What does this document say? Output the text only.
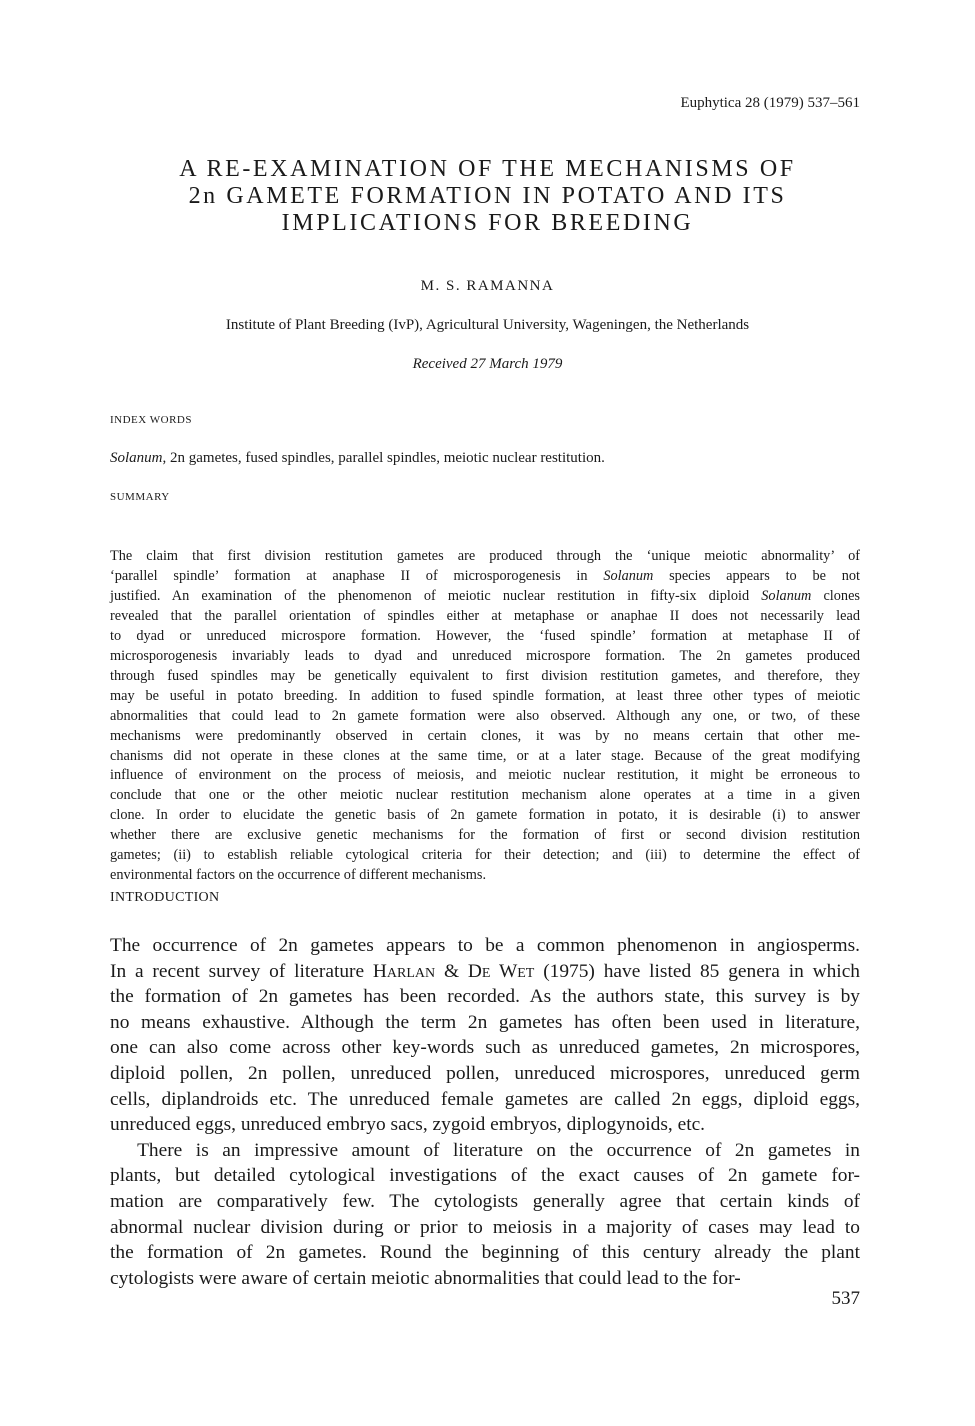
Euphytica 28 (1979) 537–561
A RE-EXAMINATION OF THE MECHANISMS OF
2n GAMETE FORMATION IN POTATO AND ITS
IMPLICATIONS FOR BREEDING
M. S. RAMANNA
Institute of Plant Breeding (IvP), Agricultural University, Wageningen, the Netherlands
Received 27 March 1979
INDEX WORDS
Solanum, 2n gametes, fused spindles, parallel spindles, meiotic nuclear restitution.
SUMMARY
The claim that first division restitution gametes are produced through the ‘unique meiotic abnormality’ of
‘parallel spindle’ formation at anaphase II of microsporogenesis in Solanum species appears to be not
justified. An examination of the phenomenon of meiotic nuclear restitution in fifty-six diploid Solanum clones
revealed that the parallel orientation of spindles either at metaphase or anaphae II does not necessarily lead
to dyad or unreduced microspore formation. However, the ‘fused spindle’ formation at metaphase II of
microsporogenesis invariably leads to dyad and unreduced microspore formation. The 2n gametes produced
through fused spindles may be genetically equivalent to first division restitution gametes, and therefore, they
may be useful in potato breeding. In addition to fused spindle formation, at least three other types of meiotic
abnormalities that could lead to 2n gamete formation were also observed. Although any one, or two, of these
mechanisms were predominantly observed in certain clones, it was by no means certain that other me-
chanisms did not operate in these clones at the same time, or at a later stage. Because of the great modifying
influence of environment on the process of meiosis, and meiotic nuclear restitution, it might be erroneous to
conclude that one or the other meiotic nuclear restitution mechanism alone operates at a time in a given
clone. In order to elucidate the genetic basis of 2n gamete formation in potato, it is desirable (i) to answer
whether there are exclusive genetic mechanisms for the formation of first or second division restitution
gametes; (ii) to establish reliable cytological criteria for their detection; and (iii) to determine the effect of
environmental factors on the occurrence of different mechanisms.
INTRODUCTION
The occurrence of 2n gametes appears to be a common phenomenon in angiosperms.
In a recent survey of literature Harlan & De Wet (1975) have listed 85 genera in which
the formation of 2n gametes has been recorded. As the authors state, this survey is by
no means exhaustive. Although the term 2n gametes has often been used in literature,
one can also come across other key-words such as unreduced gametes, 2n microspores,
diploid pollen, 2n pollen, unreduced pollen, unreduced microspores, unreduced germ
cells, diplandroids etc. The unreduced female gametes are called 2n eggs, diploid eggs,
unreduced eggs, unreduced embryo sacs, zygoid embryos, diplogynoids, etc.
There is an impressive amount of literature on the occurrence of 2n gametes in
plants, but detailed cytological investigations of the exact causes of 2n gamete for-
mation are comparatively few. The cytologists generally agree that certain kinds of
abnormal nuclear division during or prior to meiosis in a majority of cases may lead to
the formation of 2n gametes. Round the beginning of this century already the plant
cytologists were aware of certain meiotic abnormalities that could lead to the for-
537
